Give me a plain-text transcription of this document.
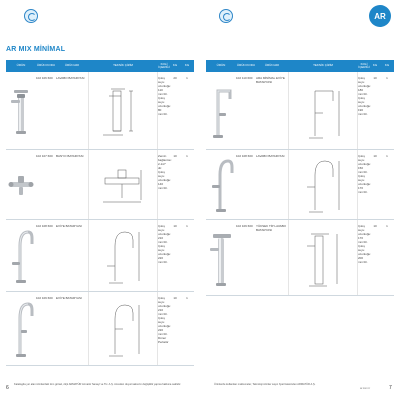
AR
AR MIX MİNİMAL
ÜRÜN	ÜRÜN KODU	ÜRÜN ADI	TEKNİK ÇİZİM	KOLİ İÇERİĞİ	KG	KG
102 106 600	LAVABO BATARYASI	Çıkış suyu uzunluğu: 110 mm'dir.
Çıkış suyu uzunluğu: 80 mm'dir.
20	1
102 107 600	BANYO BATARYASI	Zemin bağlantısı: 2-1/2" dir.
Çıkış suyu uzunluğu: 140 mm'dir.
10	1
102 108 600	EVİYE BATARYASI	Çıkış suyu uzunluğu: 210 mm'dir.
Çıkış suyu uzunluğu: 220 mm'dir.
10	1
102 109 600	EVİYE BATARYASI	Çıkış suyu uzunluğu: 210 mm'dir.
Çıkış suyu uzunluğu: 220 mm'dir.
Döner Perlatör
10	1
ÜRÜN	ÜRÜN KODU	ÜRÜN ADI	TEKNİK ÇİZİM	KOLİ İÇERİĞİ	KG	KG
102 110 600	ARA MİNİMAL EVİYE BATARYASI
Çıkış suyu uzunluğu: 180 mm'dir.
Çıkış suyu uzunluğu: 190 mm'dir.
10	1
102 108 600	LAVABO BATARYASI	Çıkış suyu uzunluğu: 150 mm'dir.
Çıkış suyu uzunluğu: 170 mm'dir.
10	1
102 109 600	YÜKSEK TİP LAVABO BATARYASI
Çıkış suyu uzunluğu: 170 mm'dir.
Çıkış suyu uzunluğu: 200 mm'dir.
10	1
Katalogda yer alan ürünlerdeki tüm görsel, ölçü ARMATÜR Armatür Sanayi ve Tic. A.Ş. önceden duyurmaksızın değişiklik yapma hakkına saklıdır.	Ürünlerde kullanılan malzemeler, Teknoloji ürünler sayın fiyat listesinden ARMATÜR A.Ş.
6	ar.com.tr	7
